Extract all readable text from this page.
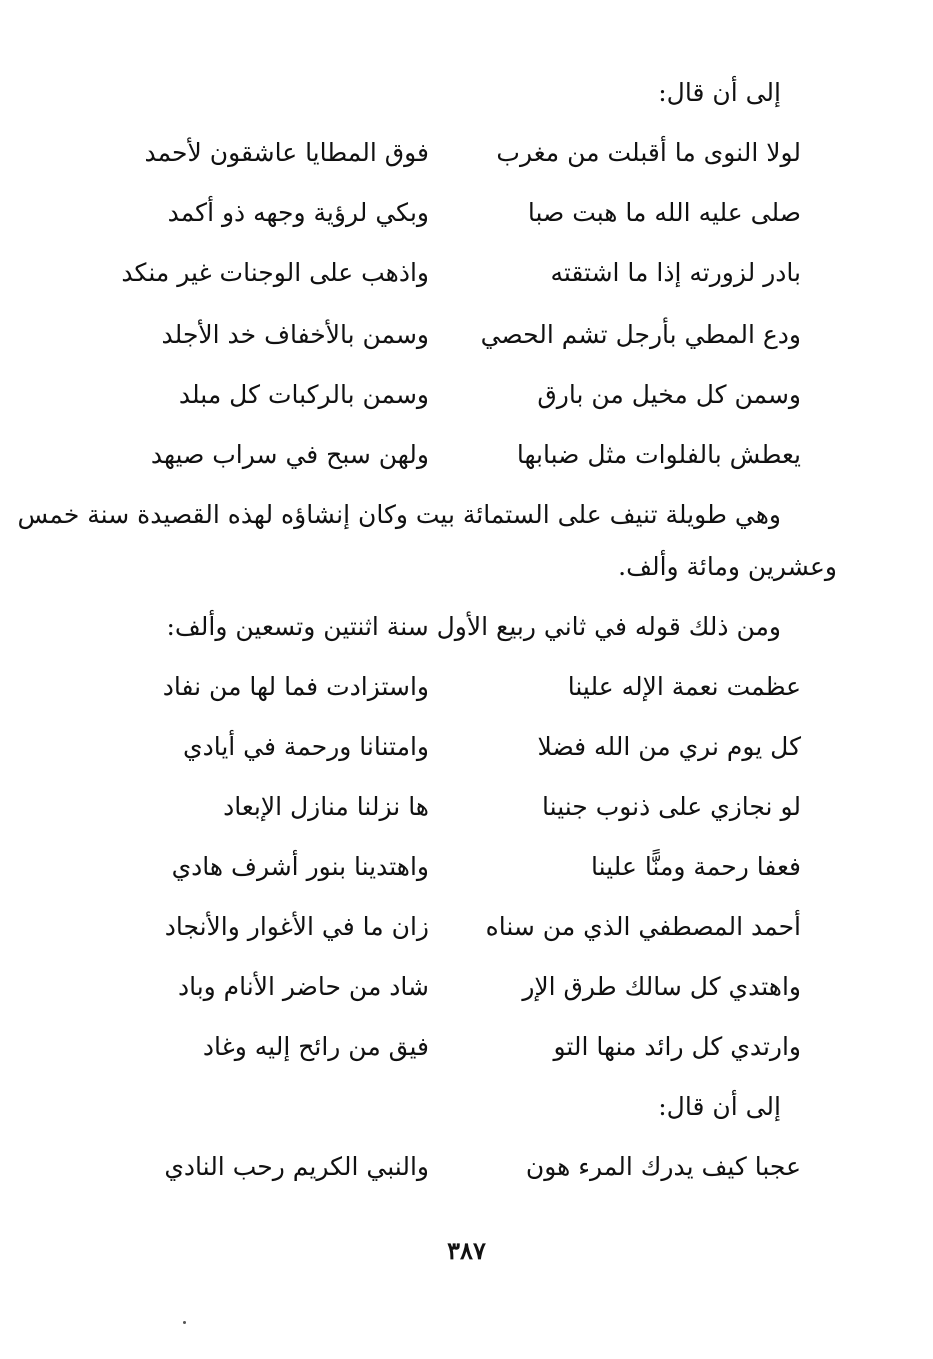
إلى أن قال:
لولا النوى ما أقبلت من مغرب
فوق المطايا عاشقون لأحمد
صلى عليه الله ما هبت صبا
وبكي لرؤية وجهه ذو أكمد
بادر لزورته إذا ما اشتقته
واذهب على الوجنات غير منكد
ودع المطي بأرجل تشم الحصي
وسمن بالأخفاف خد الأجلد
وسمن كل مخيل من بارق
وسمن بالركبات كل مبلد
يعطش بالفلوات مثل ضبابها
ولهن سبح في سراب صيهد
وهي طويلة تنيف على الستمائة بيت وكان إنشاؤه لهذه القصيدة سنة خمس
وعشرين ومائة وألف.
ومن ذلك قوله في ثاني ربيع الأول سنة اثنتين وتسعين وألف:
عظمت نعمة الإله علينا
واستزادت فما لها من نفاد
كل يوم نري من الله فضلا
وامتنانا ورحمة في أيادي
لو نجازي على ذنوب جنينا
ها نزلنا منازل الإبعاد
فعفا رحمة ومنًّا علينا
واهتدينا بنور أشرف هادي
أحمد المصطفي الذي من سناه
زان ما في الأغوار والأنجاد
واهتدي كل سالك طرق الإر
شاد من حاضر الأنام وباد
وارتدي كل رائد منها التو
فيق من رائح إليه وغاد
إلى أن قال:
عجبا كيف يدرك المرء هون
والنبي الكريم رحب النادي
٣٨٧
